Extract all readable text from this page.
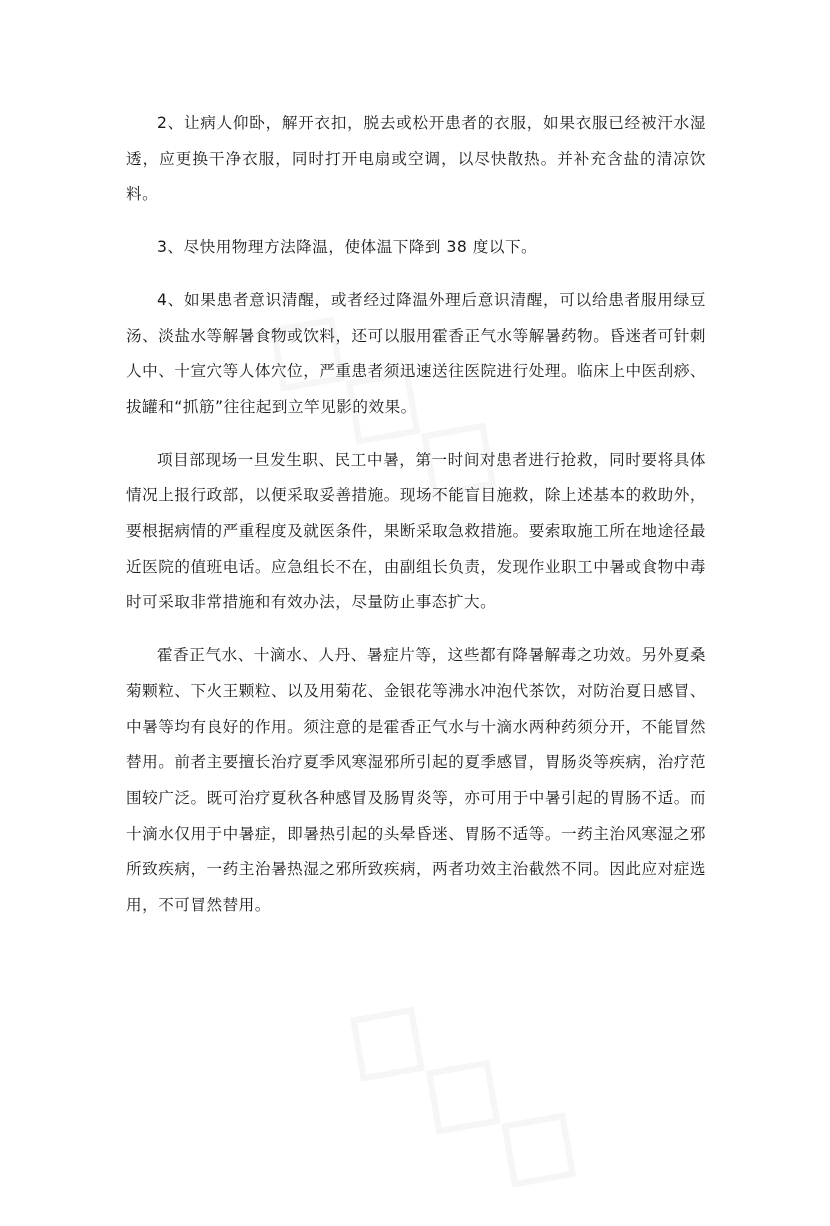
2、让病人仰卧，解开衣扣，脱去或松开患者的衣服，如果衣服已经被汗水湿透，应更换干净衣服，同时打开电扇或空调，以尽快散热。并补充含盐的清凉饮料。

3、尽快用物理方法降温，使体温下降到 38 度以下。

4、如果患者意识清醒，或者经过降温外理后意识清醒，可以给患者服用绿豆汤、淡盐水等解暑食物或饮料，还可以服用霍香正气水等解暑药物。昏迷者可针刺人中、十宣穴等人体穴位，严重患者须迅速送往医院进行处理。临床上中医刮痧、拔罐和“抓筋”往往起到立竿见影的效果。

项目部现场一旦发生职、民工中暑，第一时间对患者进行抢救，同时要将具体情况上报行政部，以便采取妥善措施。现场不能盲目施救，除上述基本的救助外，要根据病情的严重程度及就医条件，果断采取急救措施。要索取施工所在地途径最近医院的值班电话。应急组长不在，由副组长负责，发现作业职工中暑或食物中毒时可采取非常措施和有效办法，尽量防止事态扩大。

霍香正气水、十滴水、人丹、暑症片等，这些都有降暑解毒之功效。另外夏桑菊颗粒、下火王颗粒、以及用菊花、金银花等沸水冲泡代茶饮，对防治夏日感冒、中暑等均有良好的作用。须注意的是霍香正气水与十滴水两种药须分开，不能冒然替用。前者主要擅长治疗夏季风寒湿邪所引起的夏季感冒，胃肠炎等疾病，治疗范围较广泛。既可治疗夏秋各种感冒及肠胃炎等，亦可用于中暑引起的胃肠不适。而十滴水仅用于中暑症，即暑热引起的头晕昏迷、胃肠不适等。一药主治风寒湿之邪所致疾病，一药主治暑热湿之邪所致疾病，两者功效主治截然不同。因此应对症选用，不可冒然替用。
